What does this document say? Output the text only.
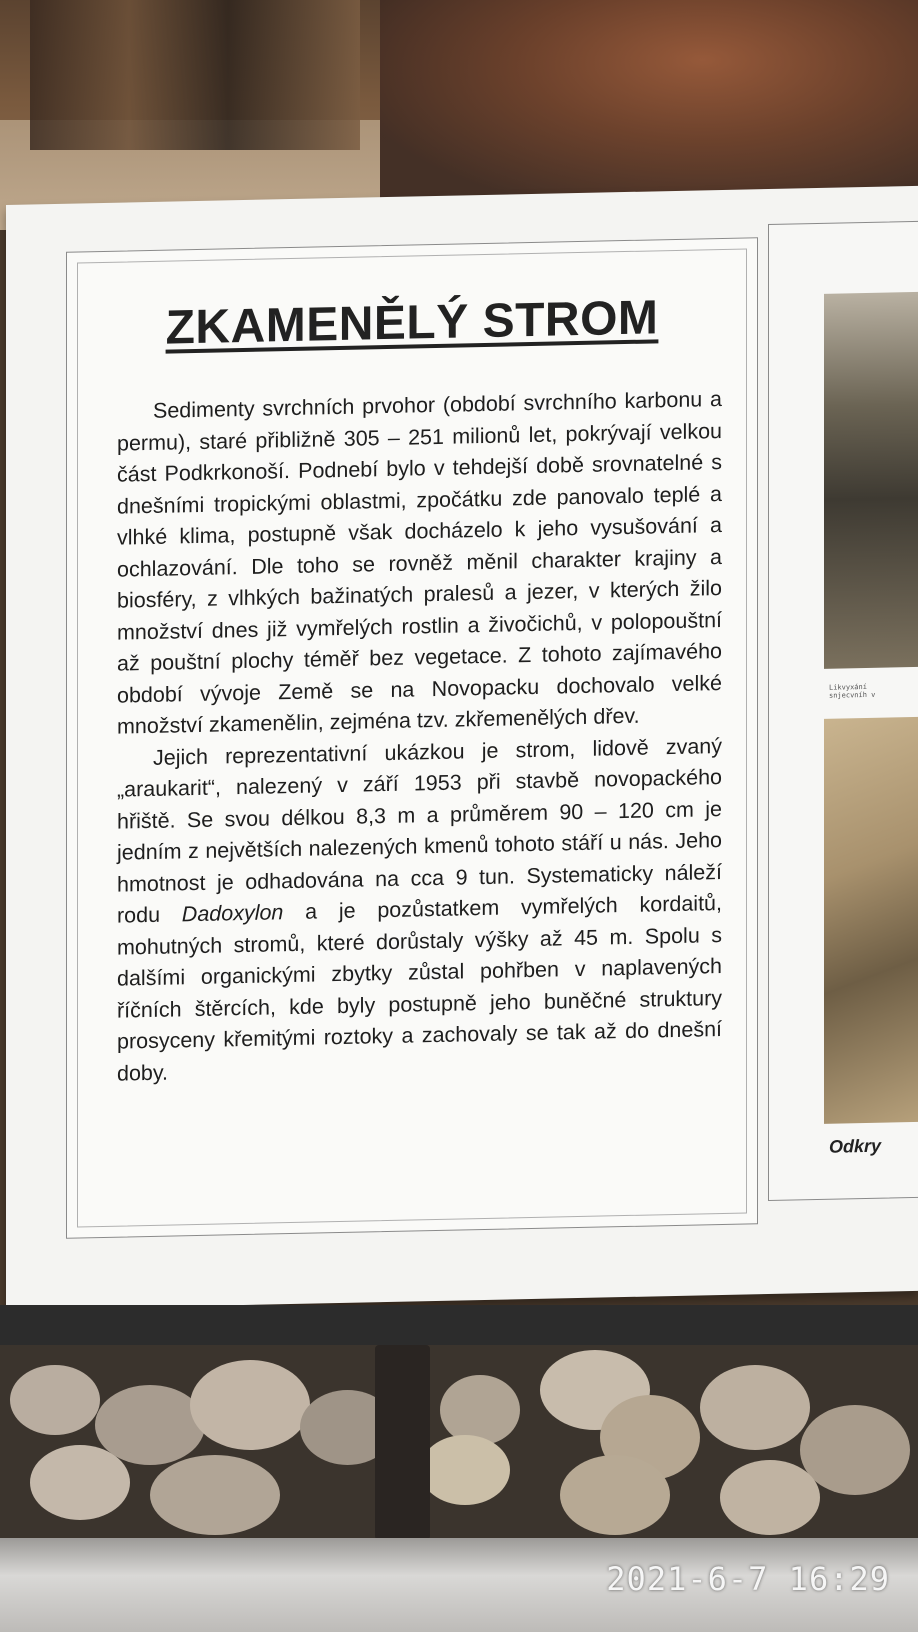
ZKAMENĚLÝ STROM

Sedimenty svrchních prvohor (období svrchního karbonu a permu), staré přibližně 305 – 251 milionů let, pokrývají velkou část Podkrkonoší. Podnebí bylo v tehdejší době srovnatelné s dnešními tropickými oblastmi, zpočátku zde panovalo teplé a vlhké klima, postupně však docházelo k jeho vysušování a ochlazování. Dle toho se rovněž měnil charakter krajiny a biosféry, z vlhkých bažinatých pralesů a jezer, v kterých žilo množství dnes již vymřelých rostlin a živočichů, v polopouštní až pouštní plochy téměř bez vegetace. Z tohoto zajímavého období vývoje Země se na Novopacku dochovalo velké množství zkamenělin, zejména tzv. zkřemenělých dřev.

Jejich reprezentativní ukázkou je strom, lidově zvaný „araukarit“, nalezený v září 1953 při stavbě novopackého hřiště. Se svou délkou 8,3 m a průměrem 90 – 120 cm je jedním z největších nalezených kmenů tohoto stáří u nás. Jeho hmotnost je odhadována na cca 9 tun. Systematicky náleží rodu Dadoxylon a je pozůstatkem vymřelých kordaitů, mohutných stromů, které dorůstaly výšky až 45 m. Spolu s dalšími organickými zbytky zůstal pohřben v naplavených říčních štěrcích, kde byly postupně jeho buněčné struktury prosyceny křemitými roztoky a zachovaly se tak až do dnešní doby.

Likvyxání
snjecvníh v
Odkry
2021-6-7 16:29
